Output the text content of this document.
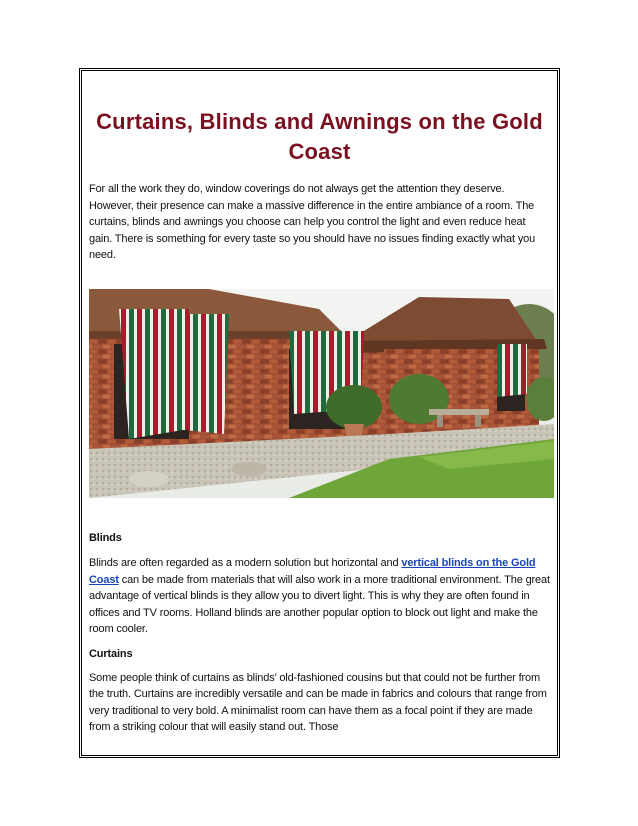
Curtains, Blinds and Awnings on the Gold Coast

For all the work they do, window coverings do not always get the attention they deserve. However, their presence can make a massive difference in the entire ambiance of a room. The curtains, blinds and awnings you choose can help you control the light and even reduce heat gain. There is something for every taste so you should have no issues finding exactly what you need.

Blinds

Blinds are often regarded as a modern solution but horizontal and vertical blinds on the Gold Coast can be made from materials that will also work in a more traditional environment. The great advantage of vertical blinds is they allow you to divert light. This is why they are often found in offices and TV rooms. Holland blinds are another popular option to block out light and make the room cooler.

Curtains

Some people think of curtains as blinds’ old-fashioned cousins but that could not be further from the truth. Curtains are incredibly versatile and can be made in fabrics and colours that range from very traditional to very bold. A minimalist room can have them as a focal point if they are made from a striking colour that will easily stand out. Those
